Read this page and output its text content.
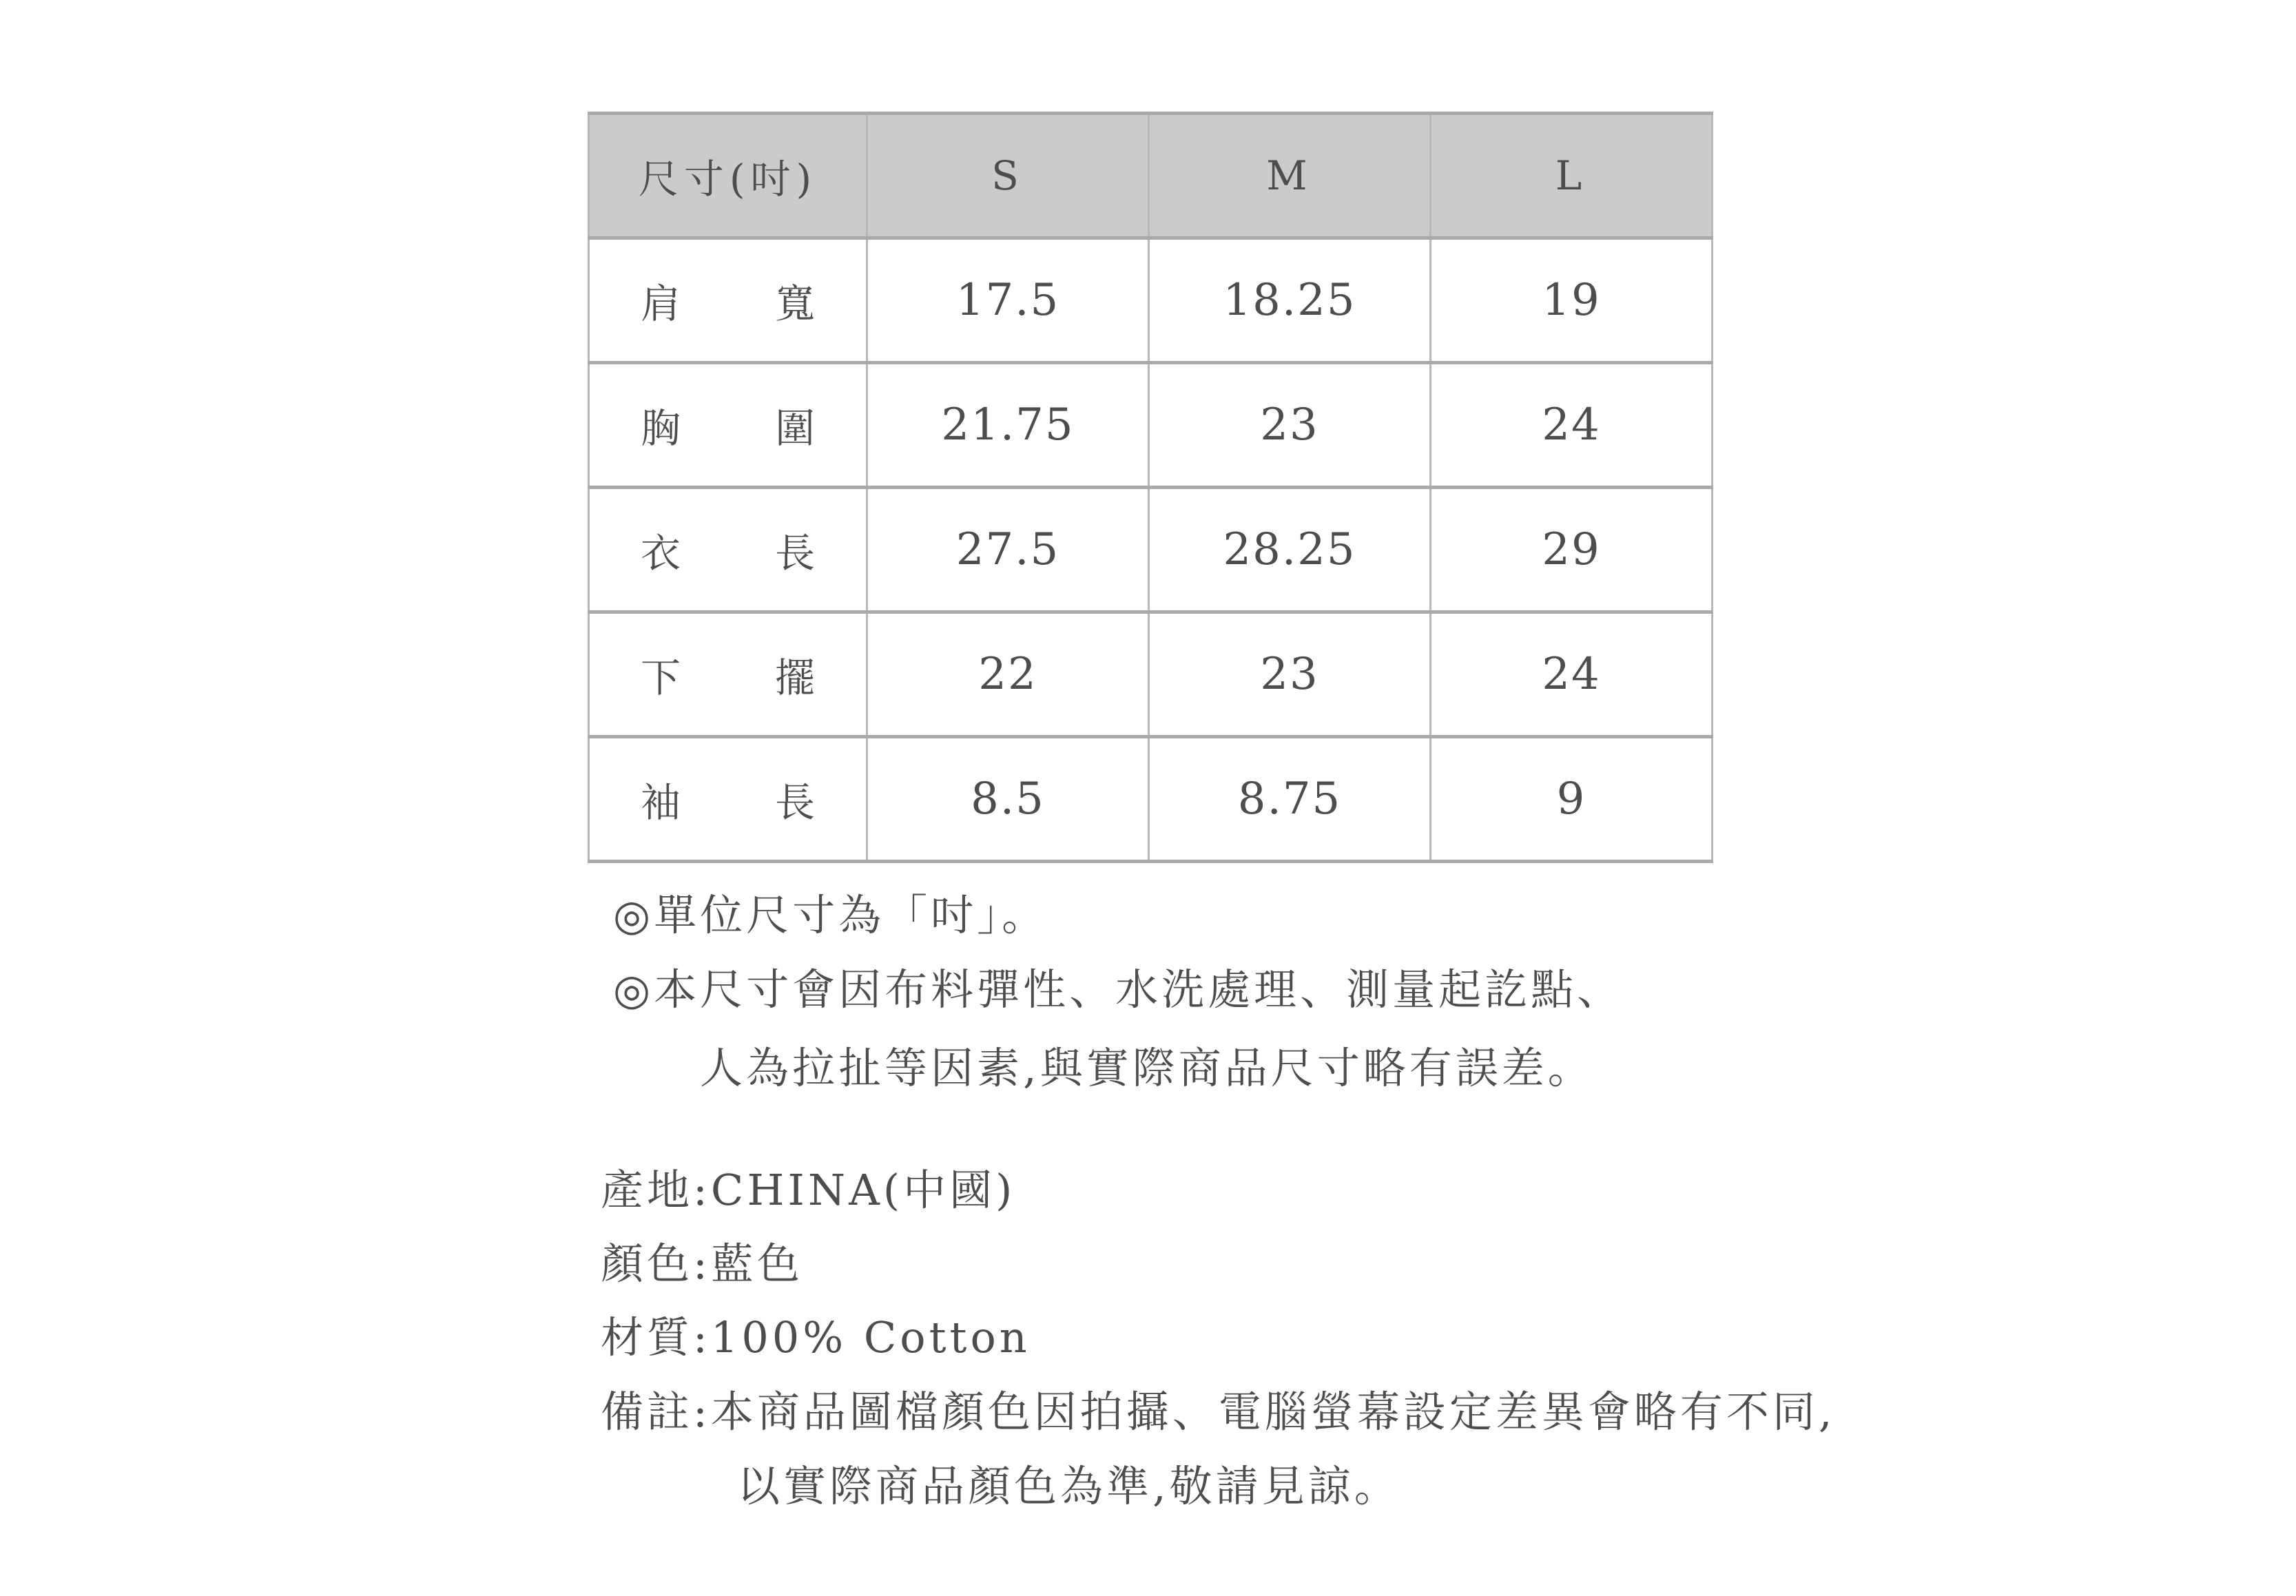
尺寸(吋)	S	M	L

肩 寬	17.5	18.25	19

胸 圍	21.75	23	24

衣 長	27.5	28.25	29

下 擺	22	23	24

袖 長	8.5	8.75	9
◎單位尺寸為「吋」。
◎本尺寸會因布料彈性、水洗處理、測量起訖點、
人為拉扯等因素,與實際商品尺寸略有誤差。
產地:CHINA(中國)
顏色:藍色
材質:100% Cotton
備註:本商品圖檔顏色因拍攝、電腦螢幕設定差異會略有不同,
以實際商品顏色為準,敬請見諒。
